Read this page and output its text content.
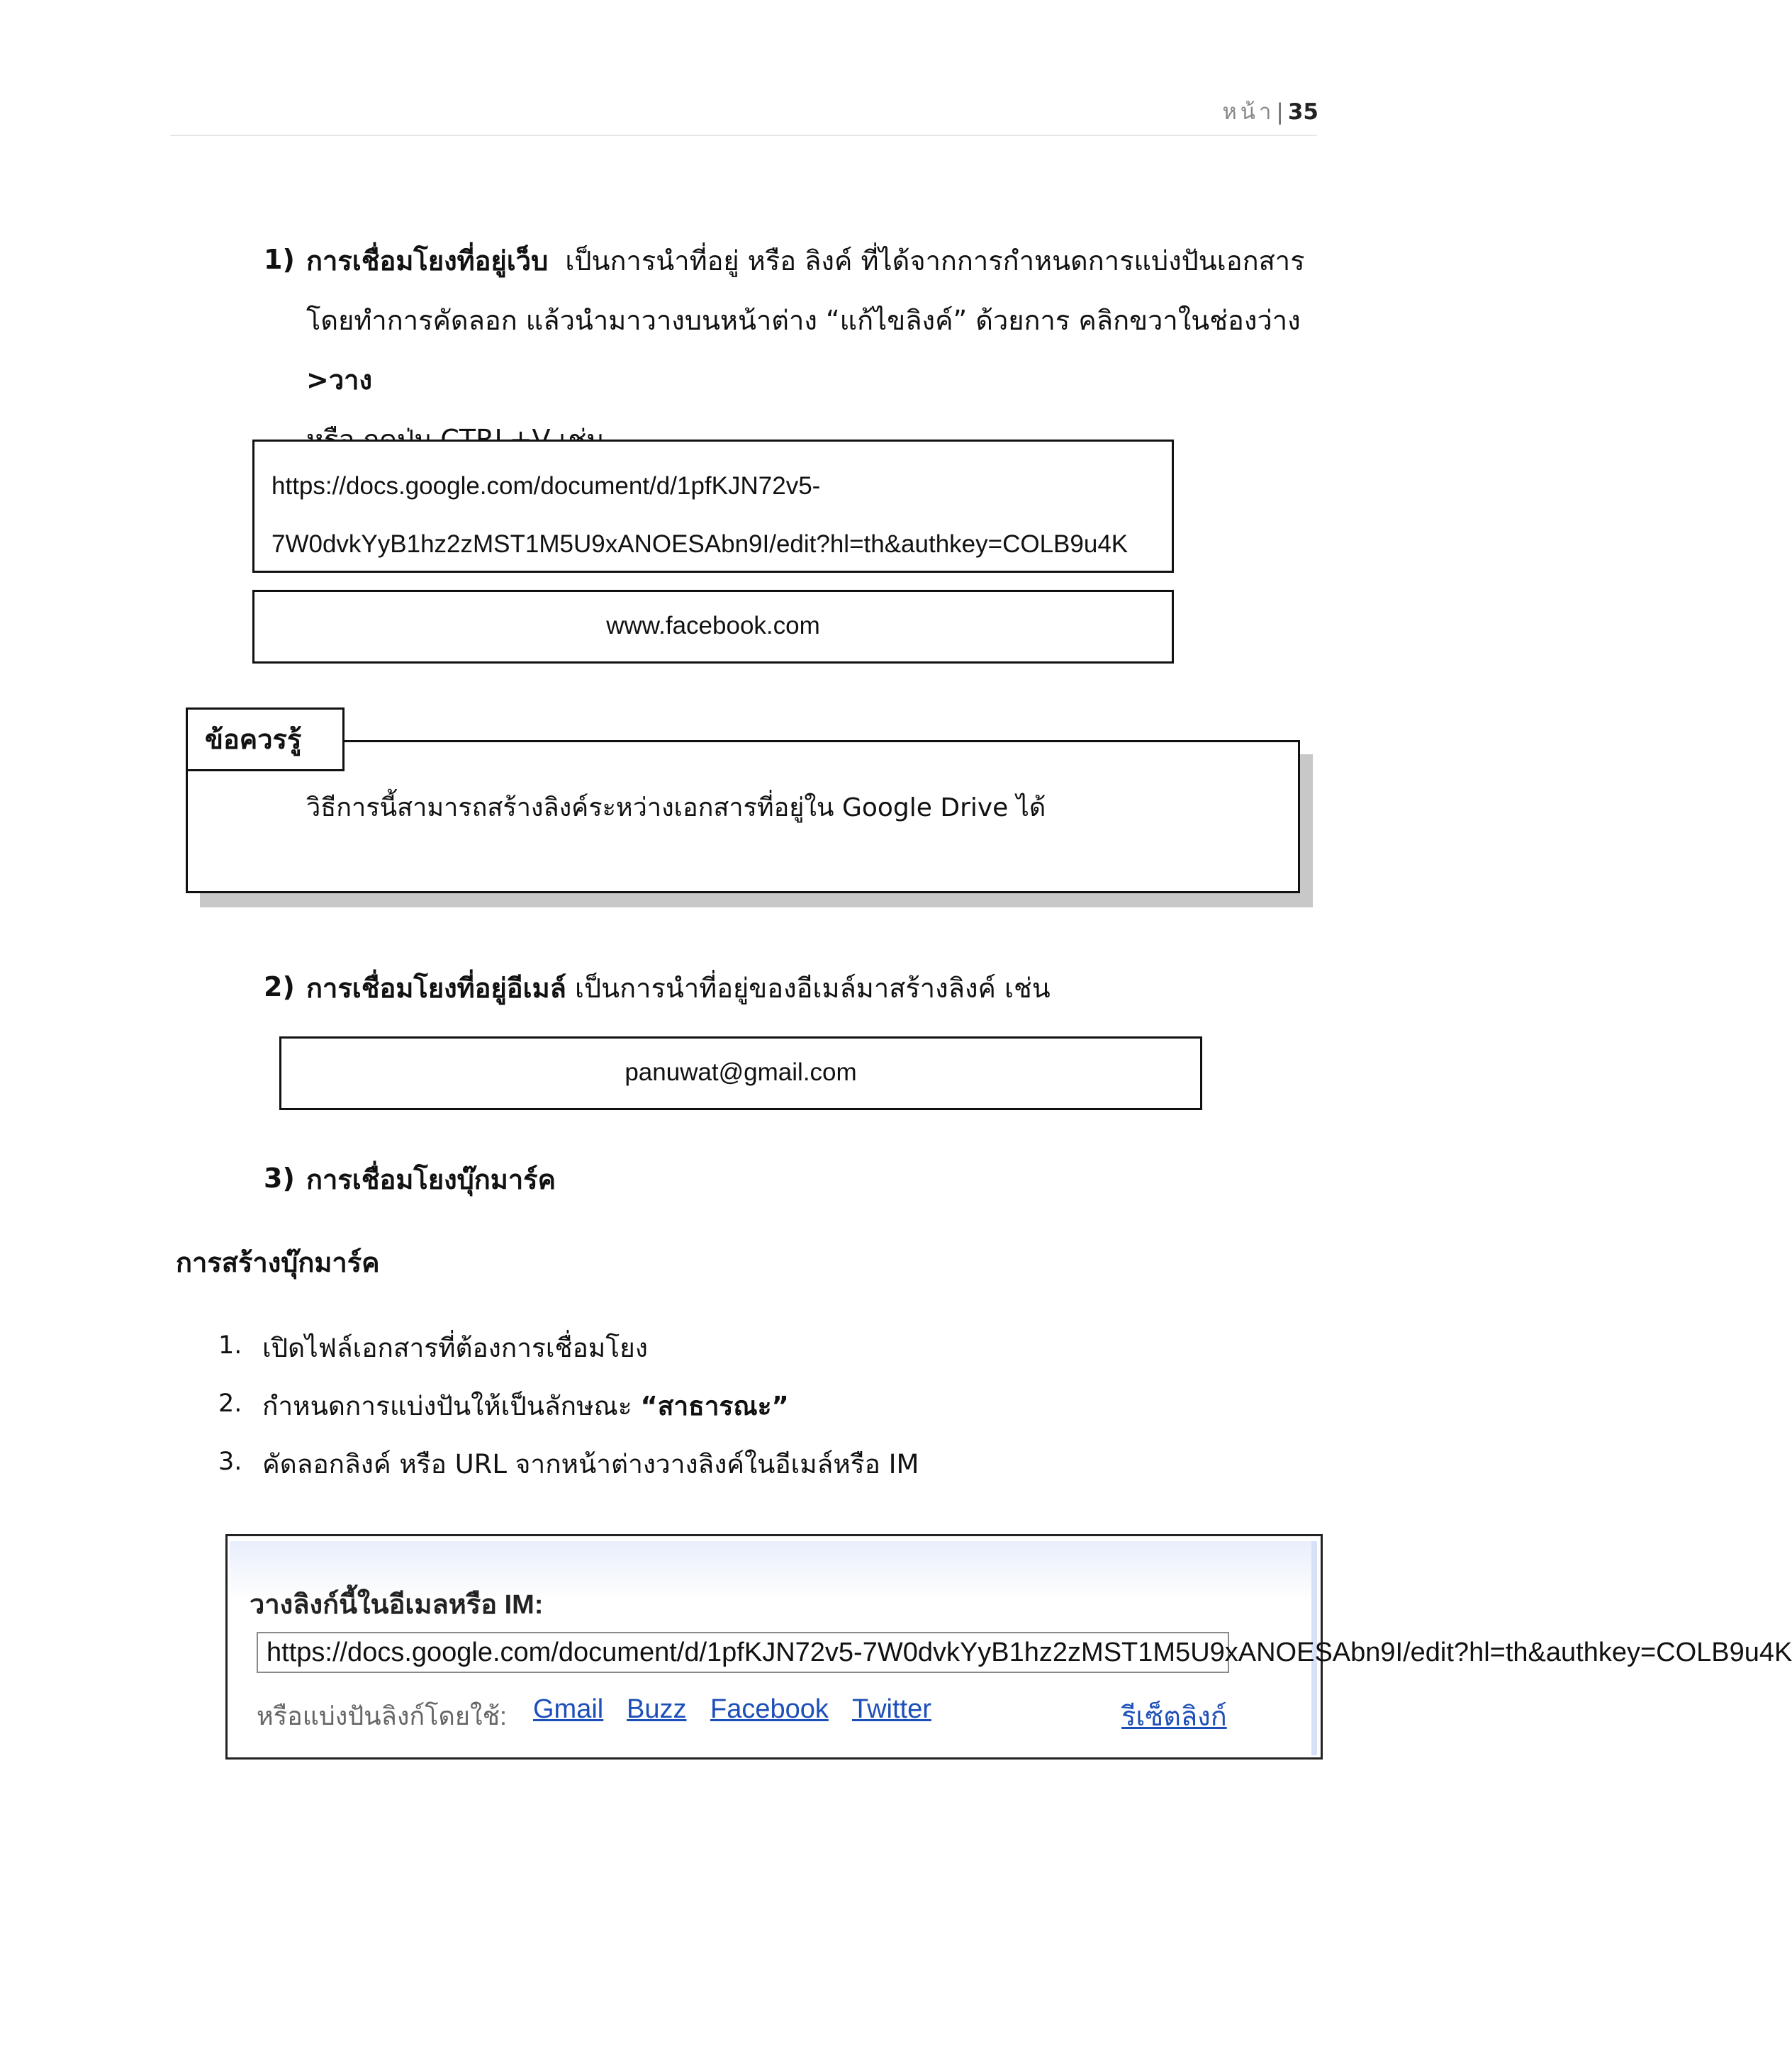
หน้า| 35
1) การเชื่อมโยงที่อยู่เว็บ เป็นการนำที่อยู่ หรือ ลิงค์ ที่ได้จากการกำหนดการแบ่งปันเอกสาร
โดยทำการคัดลอก แล้วนำมาวางบนหน้าต่าง “แก้ไขลิงค์” ด้วยการ คลิกขวาในช่องว่าง >วาง
https://docs.google.com/document/d/1pfKJN72v5-
7W0dvkYyB1hz2zMST1M5U9xANOESAbn9I/edit?hl=th&authkey=COLB9u4K
www.facebook.com
ข้อควรรู้
วิธีการนี้สามารถสร้างลิงค์ระหว่างเอกสารที่อยู่ใน Google Drive ได้
2) การเชื่อมโยงที่อยู่อีเมล์ เป็นการนำที่อยู่ของอีเมล์มาสร้างลิงค์ เช่น
panuwat@gmail.com
3) การเชื่อมโยงบุ๊กมาร์ค
การสร้างบุ๊กมาร์ค
1. เปิดไฟล์เอกสารที่ต้องการเชื่อมโยง
2. กำหนดการแบ่งปันให้เป็นลักษณะ “สาธารณะ”
3. คัดลอกลิงค์ หรือ URL จากหน้าต่างวางลิงค์ในอีเมล์หรือ IM
วางลิงก์นี้ในอีเมลหรือ IM:
https://docs.google.com/document/d/1pfKJN72v5-7W0dvkYyB1hz2zMST1M5U9xANOESAbn9I/edit?hl=th&authkey=COLB9u4K
หรือแบ่งปันลิงก์โดยใช้: Gmail Buzz Facebook Twitter	รีเซ็ตลิงก์
